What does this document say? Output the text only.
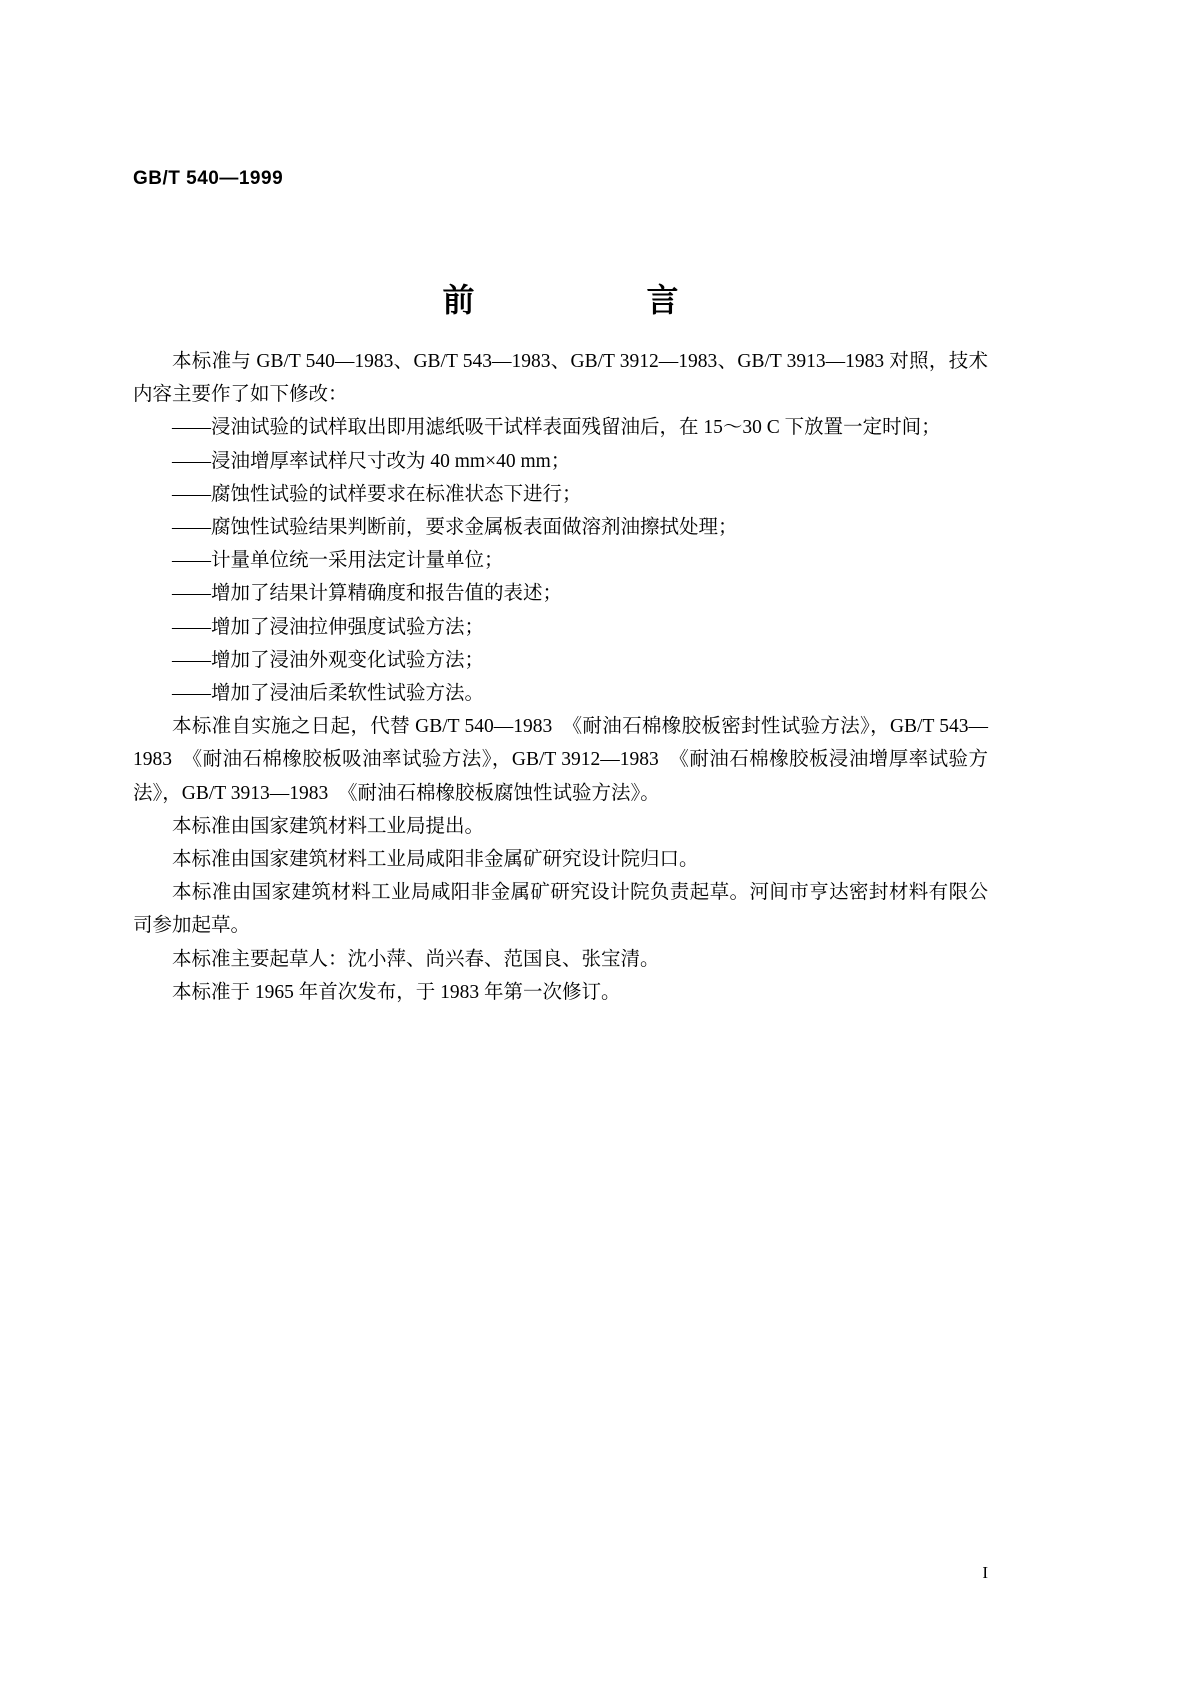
GB/T 540—1999
前　　言

本标准与 GB/T 540—1983、GB/T 543—1983、GB/T 3912—1983、GB/T 3913—1983 对照，技术内容主要作了如下修改：

——浸油试验的试样取出即用滤纸吸干试样表面残留油后，在 15～30 C 下放置一定时间；

——浸油增厚率试样尺寸改为 40 mm×40 mm；

——腐蚀性试验的试样要求在标准状态下进行；

——腐蚀性试验结果判断前，要求金属板表面做溶剂油擦拭处理；

——计量单位统一采用法定计量单位；

——增加了结果计算精确度和报告值的表述；

——增加了浸油拉伸强度试验方法；

——增加了浸油外观变化试验方法；

——增加了浸油后柔软性试验方法。

本标准自实施之日起，代替 GB/T 540—1983　《耐油石棉橡胶板密封性试验方法》，GB/T 543—1983　《耐油石棉橡胶板吸油率试验方法》，GB/T 3912—1983　《耐油石棉橡胶板浸油增厚率试验方法》，GB/T 3913—1983　《耐油石棉橡胶板腐蚀性试验方法》。

本标准由国家建筑材料工业局提出。

本标准由国家建筑材料工业局咸阳非金属矿研究设计院归口。

本标准由国家建筑材料工业局咸阳非金属矿研究设计院负责起草。河间市亨达密封材料有限公司参加起草。

本标准主要起草人：沈小萍、尚兴春、范国良、张宝清。

本标准于 1965 年首次发布，于 1983 年第一次修订。

I
